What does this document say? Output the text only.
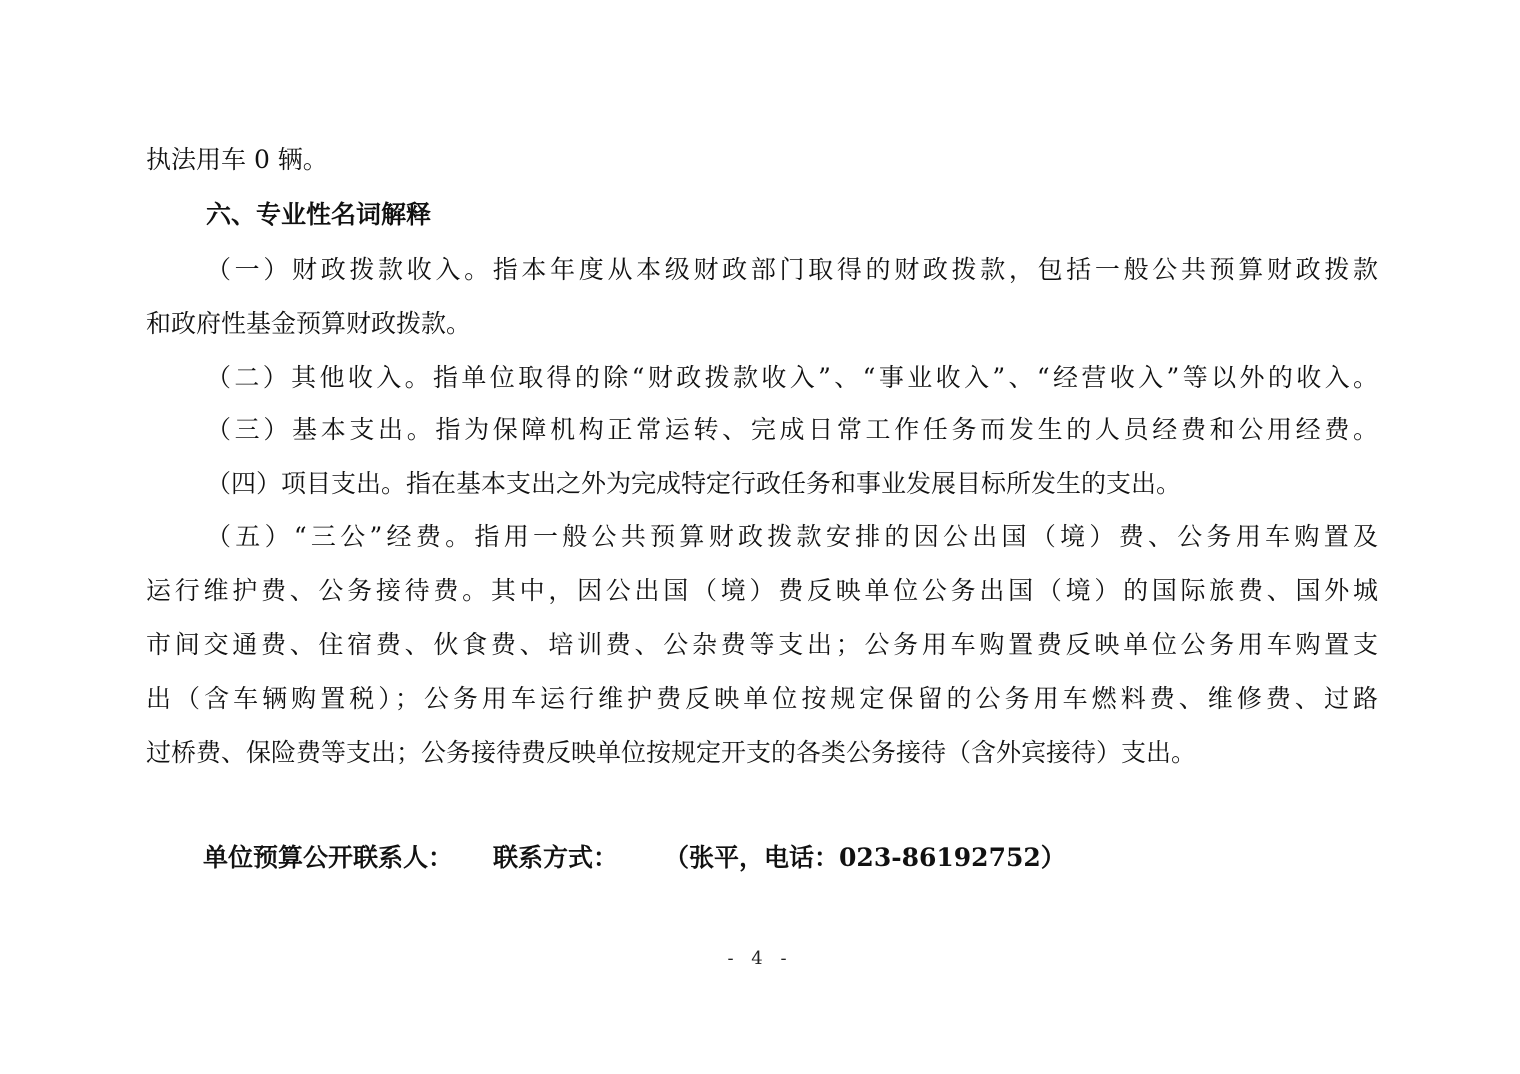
执法用车 0 辆。
六、专业性名词解释
（一）财政拨款收入。指本年度从本级财政部门取得的财政拨款，包括一般公共预算财政拨款
和政府性基金预算财政拨款。
（二）其他收入。指单位取得的除“财政拨款收入”、“事业收入”、“经营收入”等以外的收入。
（三）基本支出。指为保障机构正常运转、完成日常工作任务而发生的人员经费和公用经费。
（四）项目支出。指在基本支出之外为完成特定行政任务和事业发展目标所发生的支出。
（五）“三公”经费。指用一般公共预算财政拨款安排的因公出国（境）费、公务用车购置及
运行维护费、公务接待费。其中，因公出国（境）费反映单位公务出国（境）的国际旅费、国外城
市间交通费、住宿费、伙食费、培训费、公杂费等支出；公务用车购置费反映单位公务用车购置支
出（含车辆购置税）；公务用车运行维护费反映单位按规定保留的公务用车燃料费、维修费、过路
过桥费、保险费等支出；公务接待费反映单位按规定开支的各类公务接待（含外宾接待）支出。
单位预算公开联系人： 联系方式： （张平，电话：023-86192752）
- 4 -
